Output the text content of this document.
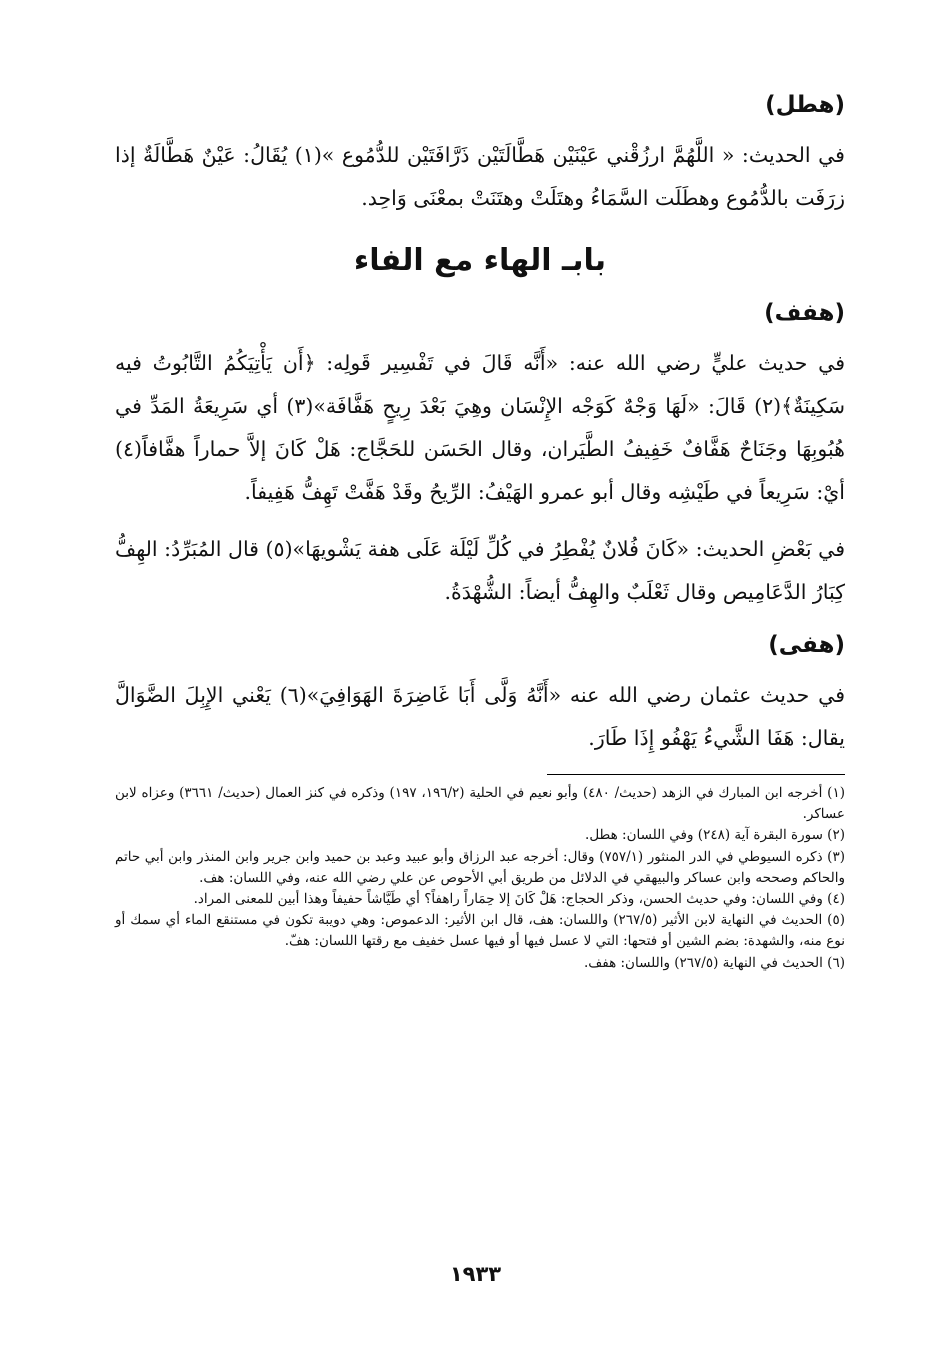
(هطل)

في الحديث: « اللَّهُمَّ ارزُقْني عَيْنَيْن هَطَّالَتَيْن ذَرَّافَتَيْن للدُّمُوع »(١) يُقَالُ: عَيْنٌ هَطَّالَةٌ إذا زرَفَت بالدُّمُوع وهطَلَت السَّمَاءُ وهتَلَتْ وهتَنَتْ بمعْنَى وَاحِد.

بابـ الهاء مع الفاء
(هفف)

في حديث عليٍّ رضي الله عنه: «أَنَّه قَالَ في تَفْسِير قَولِه: ﴿أَن يَأْتِيَكُمُ التَّابُوتُ فيه سَكِينَةٌ﴾(٢) قَالَ: «لَهَا وَجْهٌ كَوَجْه الإِنْسَان وهِيَ بَعْدَ رِيحٍ هَفَّافَة»(٣) أي سَرِيعَةُ المَدِّ في هُبُوبِهَا وجَنَاحٌ هَفَّافٌ خَفِيفُ الطَّيَران، وقال الحَسَن للحَجَّاج: هَلْ كَانَ إلاَّ حماراً هفَّافاً(٤) أيْ: سَرِيعاً في طَيْشِه وقال أبو عمرو الهَيْفُ: الرِّيحُ وقَدْ هَفَّتْ تَهِفُّ هَفِيفاً.

في بَعْضِ الحديث: «كَانَ فُلانٌ يُفْطِرُ في كُلِّ لَيْلَة عَلَى هفة يَشْويهَا»(٥) قال المُبَرِّدُ: الهِفُّ كِبَارُ الدَّعَامِيص وقال ثَعْلَبٌ والهِفُّ أيضاً: الشُّهْدَةُ.

(هفى)

في حديث عثمان رضي الله عنه «أَنَّهُ وَلَّى أَبَا غَاضِرَةَ الهَوَافِيَ»(٦) يَعْني الإِبِلَ الضَّوَالَّ يقال: هَفَا الشَّيءُ يَهْفُو إِذَا طَارَ.

(١) أخرجه ابن المبارك في الزهد (حديث/ ٤٨٠) وأبو نعيم في الحلية (١٩٦/٢، ١٩٧) وذكره في كنز العمال (حديث/ ٣٦٦١) وعزاه لابن عساكر.

(٢) سورة البقرة آية (٢٤٨) وفي اللسان: هطل.

(٣) ذكره السيوطي في الدر المنثور (٧٥٧/١) وقال: أخرجه عبد الرزاق وأبو عبيد وعبد بن حميد وابن جرير وابن المنذر وابن أبي حاتم والحاكم وصححه وابن عساكر والبيهقي في الدلائل من طريق أبي الأحوص عن علي رضي الله عنه، وفي اللسان: هف.

(٤) وفي اللسان: وفي حديث الحسن، وذكر الحجاج: هَلْ كَانَ إلا حِمَاراً راهفاً؟ أي طَيَّاشاً حفيفاً وهذا أبين للمعنى المراد.

(٥) الحديث في النهاية لابن الأثير (٢٦٧/٥) واللسان: هف، قال ابن الأثير: الدعموص: وهي دويبة تكون في مستنقع الماء أي سمك أو نوع منه، والشهدة: بضم الشين أو فتحها: التي لا عسل فيها أو فيها عسل خفيف مع رقتها اللسان: هفّ.

(٦) الحديث في النهاية (٢٦٧/٥) واللسان: هفف.

١٩٣٣
